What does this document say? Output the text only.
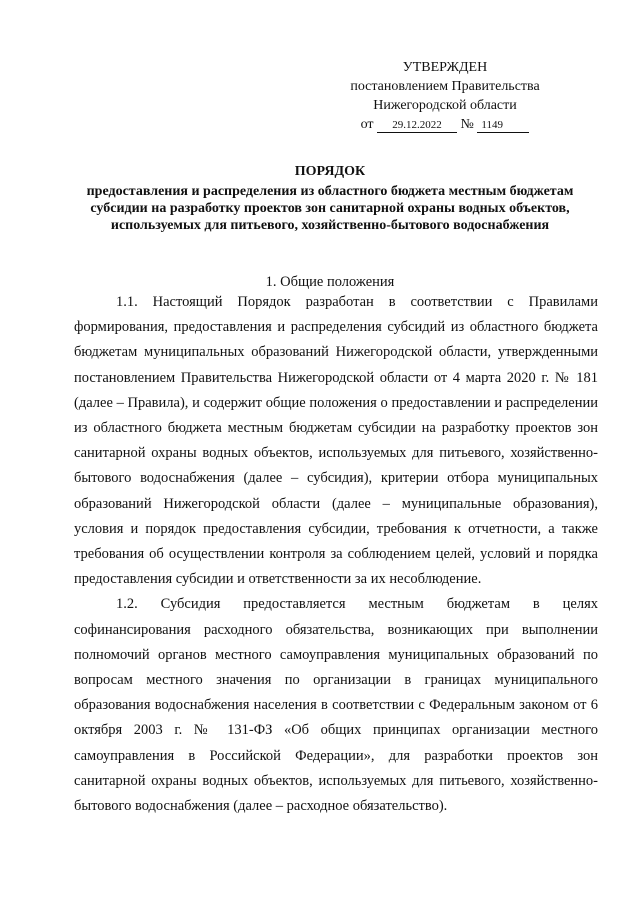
УТВЕРЖДЕН
постановлением Правительства
Нижегородской области
от 29.12.2022 № 1149
ПОРЯДОК
предоставления и распределения из областного бюджета местным бюджетам субсидии на разработку проектов зон санитарной охраны водных объектов, используемых для питьевого, хозяйственно-бытового водоснабжения
1. Общие положения

1.1. Настоящий Порядок разработан в соответствии с Правилами формирования, предоставления и распределения субсидий из областного бюджета бюджетам муниципальных образований Нижегородской области, утвержденными постановлением Правительства Нижегородской области от 4 марта 2020 г. № 181 (далее – Правила), и содержит общие положения о предоставлении и распределении из областного бюджета местным бюджетам субсидии на разработку проектов зон санитарной охраны водных объектов, используемых для питьевого, хозяйственно-бытового водоснабжения (далее – субсидия), критерии отбора муниципальных образований Нижегородской области (далее – муниципальные образования), условия и порядок предоставления субсидии, требования к отчетности, а также требования об осуществлении контроля за соблюдением целей, условий и порядка предоставления субсидии и ответственности за их несоблюдение.

1.2. Субсидия предоставляется местным бюджетам в целях софинансирования расходного обязательства, возникающих при выполнении полномочий органов местного самоуправления муниципальных образований по вопросам местного значения по организации в границах муниципального образования водоснабжения населения в соответствии с Федеральным законом от 6 октября 2003 г. № 131-ФЗ «Об общих принципах организации местного самоуправления в Российской Федерации», для разработки проектов зон санитарной охраны водных объектов, используемых для питьевого, хозяйственно-бытового водоснабжения (далее – расходное обязательство).
